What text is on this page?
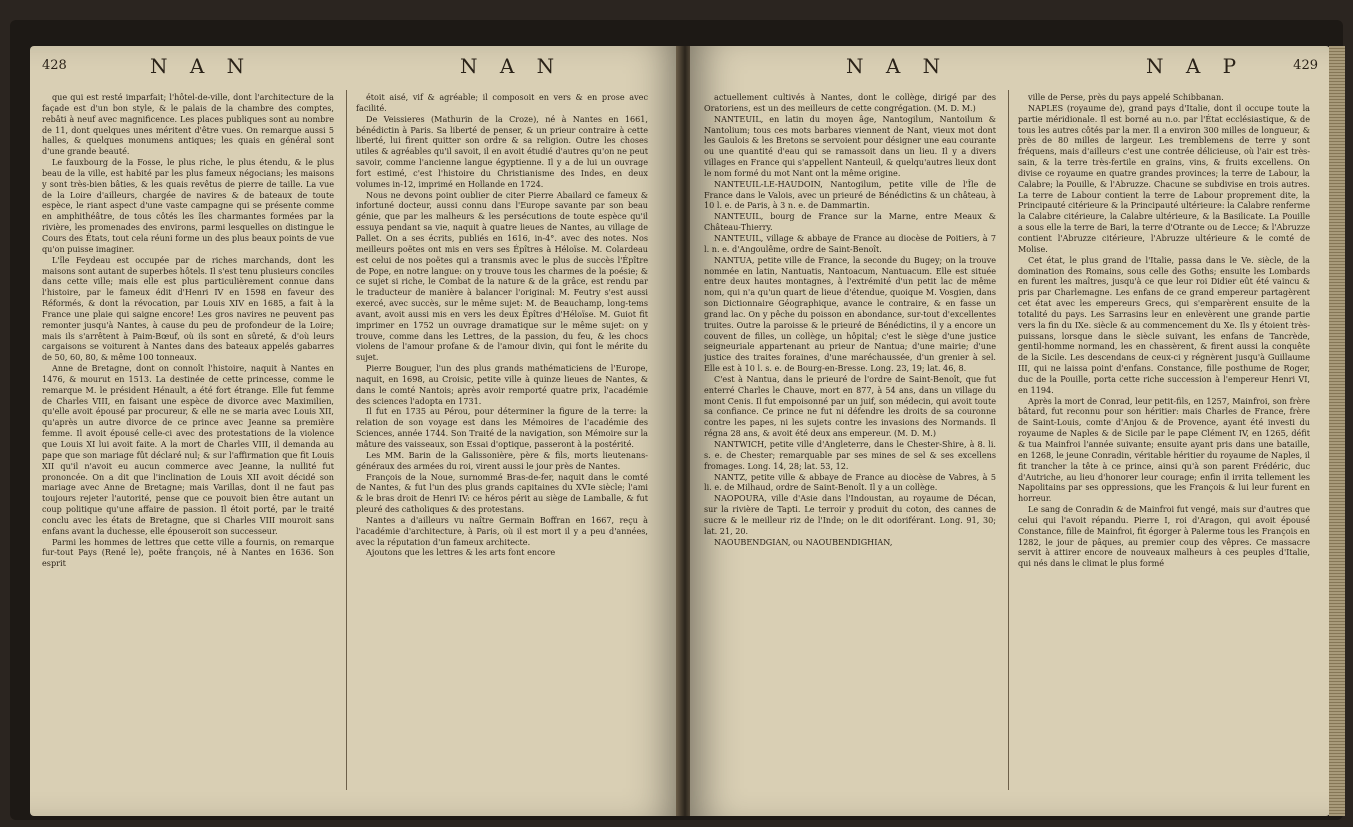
428	N A N	N A N

que qui est resté imparfait; l'hôtel-de-ville, dont l'architecture de la façade est d'un bon style, & le palais de la chambre des comptes, rebâti à neuf avec magnificence. Les places publiques sont au nombre de 11, dont quelques unes méritent d'être vues. On remarque aussi 5 halles, & quelques monumens antiques; les quais en général sont d'une grande beauté.

Le fauxbourg de la Fosse, le plus riche, le plus étendu, & le plus beau de la ville, est habité par les plus fameux négocians; les maisons y sont très-bien bâties, & les quais revêtus de pierre de taille. La vue de la Loire d'ailleurs, chargée de navires & de bateaux de toute espèce, le riant aspect d'une vaste campagne qui se présente comme en amphithéâtre, de tous côtés les îles charmantes formées par la rivière, les promenades des environs, parmi lesquelles on distingue le Cours des États, tout cela réuni forme un des plus beaux points de vue qu'on puisse imaginer.

L'île Feydeau est occupée par de riches marchands, dont les maisons sont autant de superbes hôtels. Il s'est tenu plusieurs conciles dans cette ville; mais elle est plus particulièrement connue dans l'histoire, par le fameux édit d'Henri IV en 1598 en faveur des Réformés, & dont la révocation, par Louis XIV en 1685, a fait à la France une plaie qui saigne encore! Les gros navires ne peuvent pas remonter jusqu'à Nantes, à cause du peu de profondeur de la Loire; mais ils s'arrêtent à Paim-Bœuf, où ils sont en sûreté, & d'où leurs cargaisons se voiturent à Nantes dans des bateaux appelés gabarres de 50, 60, 80, & même 100 tonneaux.

Anne de Bretagne, dont on connoît l'histoire, naquit à Nantes en 1476, & mourut en 1513. La destinée de cette princesse, comme le remarque M. le président Hénault, a été fort étrange. Elle fut femme de Charles VIII, en faisant une espèce de divorce avec Maximilien, qu'elle avoit épousé par procureur, & elle ne se maria avec Louis XII, qu'après un autre divorce de ce prince avec Jeanne sa première femme. Il avoit épousé celle-ci avec des protestations de la violence que Louis XI lui avoit faite. A la mort de Charles VIII, il demanda au pape que son mariage fût déclaré nul; & sur l'affirmation que fit Louis XII qu'il n'avoit eu aucun commerce avec Jeanne, la nullité fut prononcée. On a dit que l'inclination de Louis XII avoit décidé son mariage avec Anne de Bretagne; mais Varillas, dont il ne faut pas toujours rejeter l'autorité, pense que ce pouvoit bien être autant un coup politique qu'une affaire de passion. Il étoit porté, par le traité conclu avec les états de Bretagne, que si Charles VIII mouroit sans enfans avant la duchesse, elle épouseroit son successeur.

Parmi les hommes de lettres que cette ville a fournis, on remarque fur-tout Pays (René le), poëte françois, né à Nantes en 1636. Son esprit

étoit aisé, vif & agréable; il composoit en vers & en prose avec facilité.

De Veissieres (Mathurin de la Croze), né à Nantes en 1661, bénédictin à Paris. Sa liberté de penser, & un prieur contraire à cette liberté, lui firent quitter son ordre & sa religion. Outre les choses utiles & agréables qu'il savoit, il en avoit étudié d'autres qu'on ne peut savoir, comme l'ancienne langue égyptienne. Il y a de lui un ouvrage fort estimé, c'est l'histoire du Christianisme des Indes, en deux volumes in-12, imprimé en Hollande en 1724.

Nous ne devons point oublier de citer Pierre Abailard ce fameux & infortuné docteur, aussi connu dans l'Europe savante par son beau génie, que par les malheurs & les persécutions de toute espèce qu'il essuya pendant sa vie, naquit à quatre lieues de Nantes, au village de Pallet. On a ses écrits, publiés en 1616, in-4°. avec des notes. Nos meilleurs poëtes ont mis en vers ses Épîtres à Héloïse. M. Colardeau est celui de nos poëtes qui a transmis avec le plus de succès l'Épître de Pope, en notre langue: on y trouve tous les charmes de la poésie; & ce sujet si riche, le Combat de la nature & de la grâce, est rendu par le traducteur de manière à balancer l'original: M. Feutry s'est aussi exercé, avec succès, sur le même sujet: M. de Beauchamp, long-tems avant, avoit aussi mis en vers les deux Épîtres d'Héloïse. M. Guiot fit imprimer en 1752 un ouvrage dramatique sur le même sujet: on y trouve, comme dans les Lettres, de la passion, du feu, & les chocs violens de l'amour profane & de l'amour divin, qui font le mérite du sujet.

Pierre Bouguer, l'un des plus grands mathématiciens de l'Europe, naquit, en 1698, au Croisic, petite ville à quinze lieues de Nantes, & dans le comté Nantois; après avoir remporté quatre prix, l'académie des sciences l'adopta en 1731.

Il fut en 1735 au Pérou, pour déterminer la figure de la terre: la relation de son voyage est dans les Mémoires de l'académie des Sciences, année 1744. Son Traité de la navigation, son Mémoire sur la mâture des vaisseaux, son Essai d'optique, passeront à la postérité.

Les MM. Barin de la Galissonière, père & fils, morts lieutenans-généraux des armées du roi, virent aussi le jour près de Nantes.

François de la Noue, surnommé Bras-de-fer, naquit dans le comté de Nantes, & fut l'un des plus grands capitaines du XVIe siècle; l'ami & le bras droit de Henri IV: ce héros périt au siège de Lamballe, & fut pleuré des catholiques & des protestans.

Nantes a d'ailleurs vu naître Germain Boffran en 1667, reçu à l'académie d'architecture, à Paris, où il est mort il y a peu d'années, avec la réputation d'un fameux architecte.

Ajoutons que les lettres & les arts font encore

N A N	N A P	429

actuellement cultivés à Nantes, dont le collège, dirigé par des Oratoriens, est un des meilleurs de cette congrégation. (M. D. M.)

NANTEUIL, en latin du moyen âge, Nantogilum, Nantoilum & Nantolium; tous ces mots barbares viennent de Nant, vieux mot dont les Gaulois & les Bretons se servoient pour désigner une eau courante ou une quantité d'eau qui se ramassoit dans un lieu. Il y a divers villages en France qui s'appellent Nanteuil, & quelqu'autres lieux dont le nom formé du mot Nant ont la même origine.

NANTEUIL-LE-HAUDOIN, Nantogilum, petite ville de l'Île de France dans le Valois, avec un prieuré de Bénédictins & un château, à 10 l. e. de Paris, à 3 n. e. de Dammartin.

NANTEUIL, bourg de France sur la Marne, entre Meaux & Château-Thierry.

NANTEUIL, village & abbaye de France au diocèse de Poitiers, à 7 l. n. e. d'Angoulême, ordre de Saint-Benoît.

NANTUA, petite ville de France, la seconde du Bugey; on la trouve nommée en latin, Nantuatis, Nantoacum, Nantuacum. Elle est située entre deux hautes montagnes, à l'extrémité d'un petit lac de même nom, qui n'a qu'un quart de lieue d'étendue, quoique M. Vosgien, dans son Dictionnaire Géographique, avance le contraire, & en fasse un grand lac. On y pêche du poisson en abondance, sur-tout d'excellentes truites. Outre la paroisse & le prieuré de Bénédictins, il y a encore un couvent de filles, un collège, un hôpital; c'est le siège d'une justice seigneuriale appartenant au prieur de Nantua; d'une mairie; d'une justice des traites foraines, d'une maréchaussée, d'un grenier à sel. Elle est à 10 l. s. e. de Bourg-en-Bresse. Long. 23, 19; lat. 46, 8.

C'est à Nantua, dans le prieuré de l'ordre de Saint-Benoît, que fut enterré Charles le Chauve, mort en 877, à 54 ans, dans un village du mont Cenis. Il fut empoisonné par un juif, son médecin, qui avoit toute sa confiance. Ce prince ne fut ni défendre les droits de sa couronne contre les papes, ni les sujets contre les invasions des Normands. Il régna 28 ans, & avoit été deux ans empereur. (M. D. M.)

NANTWICH, petite ville d'Angleterre, dans le Chester-Shire, à 8. li. s. e. de Chester; remarquable par ses mines de sel & ses excellens fromages. Long. 14, 28; lat. 53, 12.

NANTZ, petite ville & abbaye de France au diocèse de Vabres, à 5 li. e. de Milhaud, ordre de Saint-Benoît. Il y a un collège.

NAOPOURA, ville d'Asie dans l'Indoustan, au royaume de Décan, sur la rivière de Tapti. Le terroir y produit du coton, des cannes de sucre & le meilleur riz de l'Inde; on le dit odoriférant. Long. 91, 30; lat. 21, 20.

NAOUBENDGIAN, ou NAOUBENDIGHIAN,

ville de Perse, près du pays appelé Schibbanan.

NAPLES (royaume de), grand pays d'Italie, dont il occupe toute la partie méridionale. Il est borné au n.o. par l'État ecclésiastique, & de tous les autres côtés par la mer. Il a environ 300 milles de longueur, & près de 80 milles de largeur. Les tremblemens de terre y sont fréquens, mais d'ailleurs c'est une contrée délicieuse, où l'air est très-sain, & la terre très-fertile en grains, vins, & fruits excellens. On divise ce royaume en quatre grandes provinces; la terre de Labour, la Calabre; la Pouille, & l'Abruzze. Chacune se subdivise en trois autres. La terre de Labour contient la terre de Labour proprement dite, la Principauté citérieure & la Principauté ultérieure: la Calabre renferme la Calabre citérieure, la Calabre ultérieure, & la Basilicate. La Pouille a sous elle la terre de Bari, la terre d'Otrante ou de Lecce; & l'Abruzze contient l'Abruzze citérieure, l'Abruzze ultérieure & le comté de Molise.

Cet état, le plus grand de l'Italie, passa dans le Ve. siècle, de la domination des Romains, sous celle des Goths; ensuite les Lombards en furent les maîtres, jusqu'à ce que leur roi Didier eût été vaincu & pris par Charlemagne. Les enfans de ce grand empereur partagèrent cet état avec les empereurs Grecs, qui s'emparèrent ensuite de la totalité du pays. Les Sarrasins leur en enlevèrent une grande partie vers la fin du IXe. siècle & au commencement du Xe. Ils y étoient très-puissans, lorsque dans le siècle suivant, les enfans de Tancrède, gentil-homme normand, les en chassèrent, & firent aussi la conquête de la Sicile. Les descendans de ceux-ci y régnèrent jusqu'à Guillaume III, qui ne laissa point d'enfans. Constance, fille posthume de Roger, duc de la Pouille, porta cette riche succession à l'empereur Henri VI, en 1194.

Après la mort de Conrad, leur petit-fils, en 1257, Mainfroi, son frère bâtard, fut reconnu pour son héritier: mais Charles de France, frère de Saint-Louis, comte d'Anjou & de Provence, ayant été investi du royaume de Naples & de Sicile par le pape Clément IV, en 1265, défit & tua Mainfroi l'année suivante; ensuite ayant pris dans une bataille, en 1268, le jeune Conradin, véritable héritier du royaume de Naples, il fit trancher la tête à ce prince, ainsi qu'à son parent Frédéric, duc d'Autriche, au lieu d'honorer leur courage; enfin il irrita tellement les Napolitains par ses oppressions, que les François & lui leur furent en horreur.

Le sang de Conradin & de Mainfroi fut vengé, mais sur d'autres que celui qui l'avoit répandu. Pierre I, roi d'Aragon, qui avoit épousé Constance, fille de Mainfroi, fit égorger à Palerme tous les François en 1282, le jour de pâques, au premier coup des vêpres. Ce massacre servit à attirer encore de nouveaux malheurs à ces peuples d'Italie, qui nés dans le climat le plus formé
